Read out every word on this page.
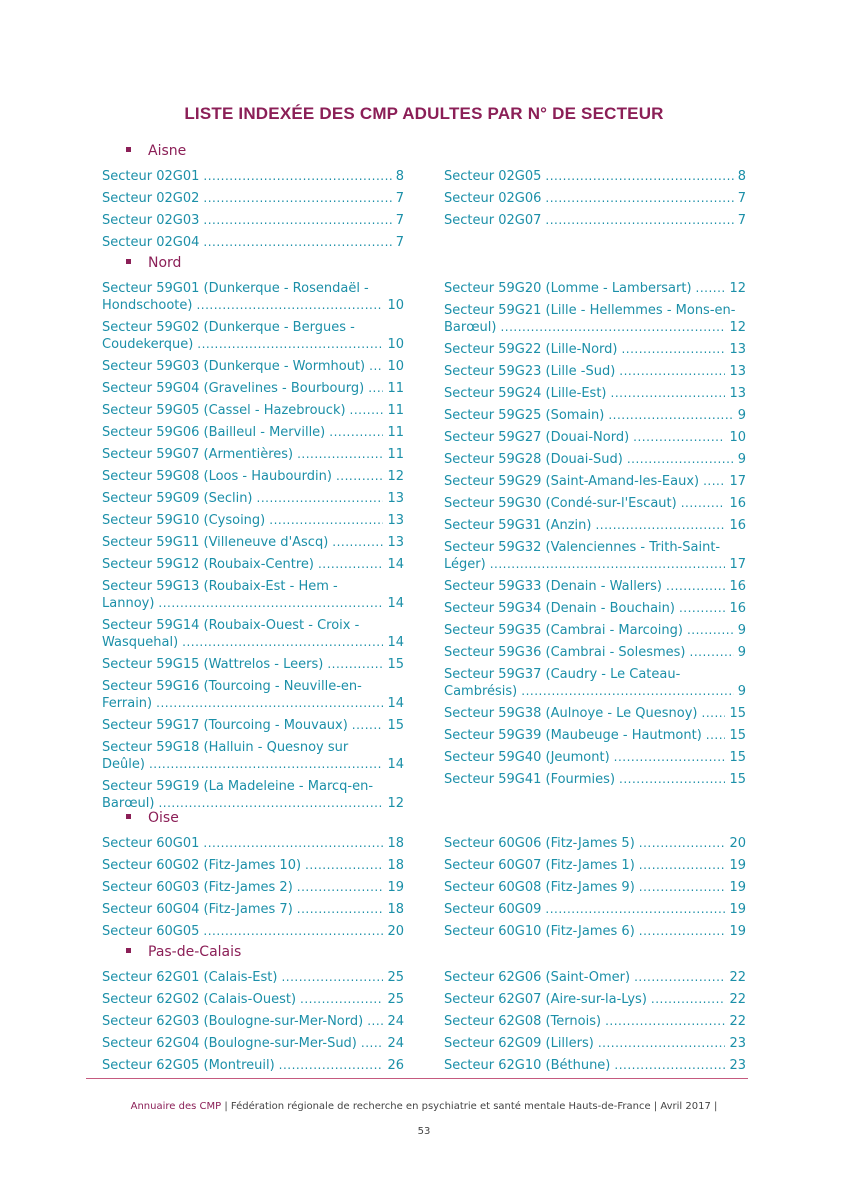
LISTE INDEXÉE DES CMP ADULTES PAR N° DE SECTEUR
Aisne
Secteur 02G01 .....	8
Secteur 02G02 .....	7
Secteur 02G03 .....	7
Secteur 02G04 .....	7
Secteur 02G05 .....	8
Secteur 02G06 .....	7
Secteur 02G07 .....	7
Nord
Secteur 59G01 (Dunkerque - Rosendaël -
Hondschoote) .....	10
Secteur 59G02 (Dunkerque - Bergues -
Coudekerque) .....	10
Secteur 59G03 (Dunkerque - Wormhout) ..... 10
Secteur 59G04 (Gravelines - Bourbourg) ..... 11
Secteur 59G05 (Cassel - Hazebrouck) .....	11
Secteur 59G06 (Bailleul - Merville) .....	11
Secteur 59G07 (Armentières) .....	11
Secteur 59G08 (Loos - Haubourdin) .....	12
Secteur 59G09 (Seclin) .....	13
Secteur 59G10 (Cysoing) .....	13
Secteur 59G11 (Villeneuve d'Ascq) .....	13
Secteur 59G12 (Roubaix-Centre) .....	14
Secteur 59G13 (Roubaix-Est - Hem -
Lannoy) .....	14
Secteur 59G14 (Roubaix-Ouest - Croix -
Wasquehal) .....	14
Secteur 59G15 (Wattrelos - Leers) .....	15
Secteur 59G16 (Tourcoing - Neuville-en-
Ferrain) .....	14
Secteur 59G17 (Tourcoing - Mouvaux) .....	15
Secteur 59G18 (Halluin - Quesnoy sur
Deûle) .....	14
Secteur 59G19 (La Madeleine - Marcq-en-
Barœul) .....	12
Secteur 59G20 (Lomme - Lambersart) .....	12
Secteur 59G21 (Lille - Hellemmes - Mons-en-
Barœul) .....	12
Secteur 59G22 (Lille-Nord) .....	13
Secteur 59G23 (Lille -Sud) .....	13
Secteur 59G24 (Lille-Est) .....	13
Secteur 59G25 (Somain) .....	9
Secteur 59G27 (Douai-Nord) .....	10
Secteur 59G28 (Douai-Sud) .....	9
Secteur 59G29 (Saint-Amand-les-Eaux) ..... 17
Secteur 59G30 (Condé-sur-l'Escaut) .....	16
Secteur 59G31 (Anzin) .....	16
Secteur 59G32 (Valenciennes - Trith-Saint-
Léger) .....	17
Secteur 59G33 (Denain - Wallers) .....	16
Secteur 59G34 (Denain - Bouchain) .....	16
Secteur 59G35 (Cambrai - Marcoing) .....	9
Secteur 59G36 (Cambrai - Solesmes) .....	9
Secteur 59G37 (Caudry - Le Cateau-
Cambrésis) .....	9
Secteur 59G38 (Aulnoye - Le Quesnoy) ..... 15
Secteur 59G39 (Maubeuge - Hautmont) ..... 15
Secteur 59G40 (Jeumont) .....	15
Secteur 59G41 (Fourmies) .....	15
Oise
Secteur 60G01 .....	18
Secteur 60G02 (Fitz-James 10) .....	18
Secteur 60G03 (Fitz-James 2) .....	19
Secteur 60G04 (Fitz-James 7) .....	18
Secteur 60G05 .....	20
Secteur 60G06 (Fitz-James 5) .....	20
Secteur 60G07 (Fitz-James 1) .....	19
Secteur 60G08 (Fitz-James 9) .....	19
Secteur 60G09 .....	19
Secteur 60G10 (Fitz-James 6) .....	19
Pas-de-Calais
Secteur 62G01 (Calais-Est) .....	25
Secteur 62G02 (Calais-Ouest) .....	25
Secteur 62G03 (Boulogne-sur-Mer-Nord) ..... 24
Secteur 62G04 (Boulogne-sur-Mer-Sud) ..... 24
Secteur 62G05 (Montreuil) .....	26
Secteur 62G06 (Saint-Omer) .....	22
Secteur 62G07 (Aire-sur-la-Lys) .....	22
Secteur 62G08 (Ternois) .....	22
Secteur 62G09 (Lillers) .....	23
Secteur 62G10 (Béthune) .....	23
Annuaire des CMP | Fédération régionale de recherche en psychiatrie et santé mentale Hauts-de-France | Avril 2017 |
53
